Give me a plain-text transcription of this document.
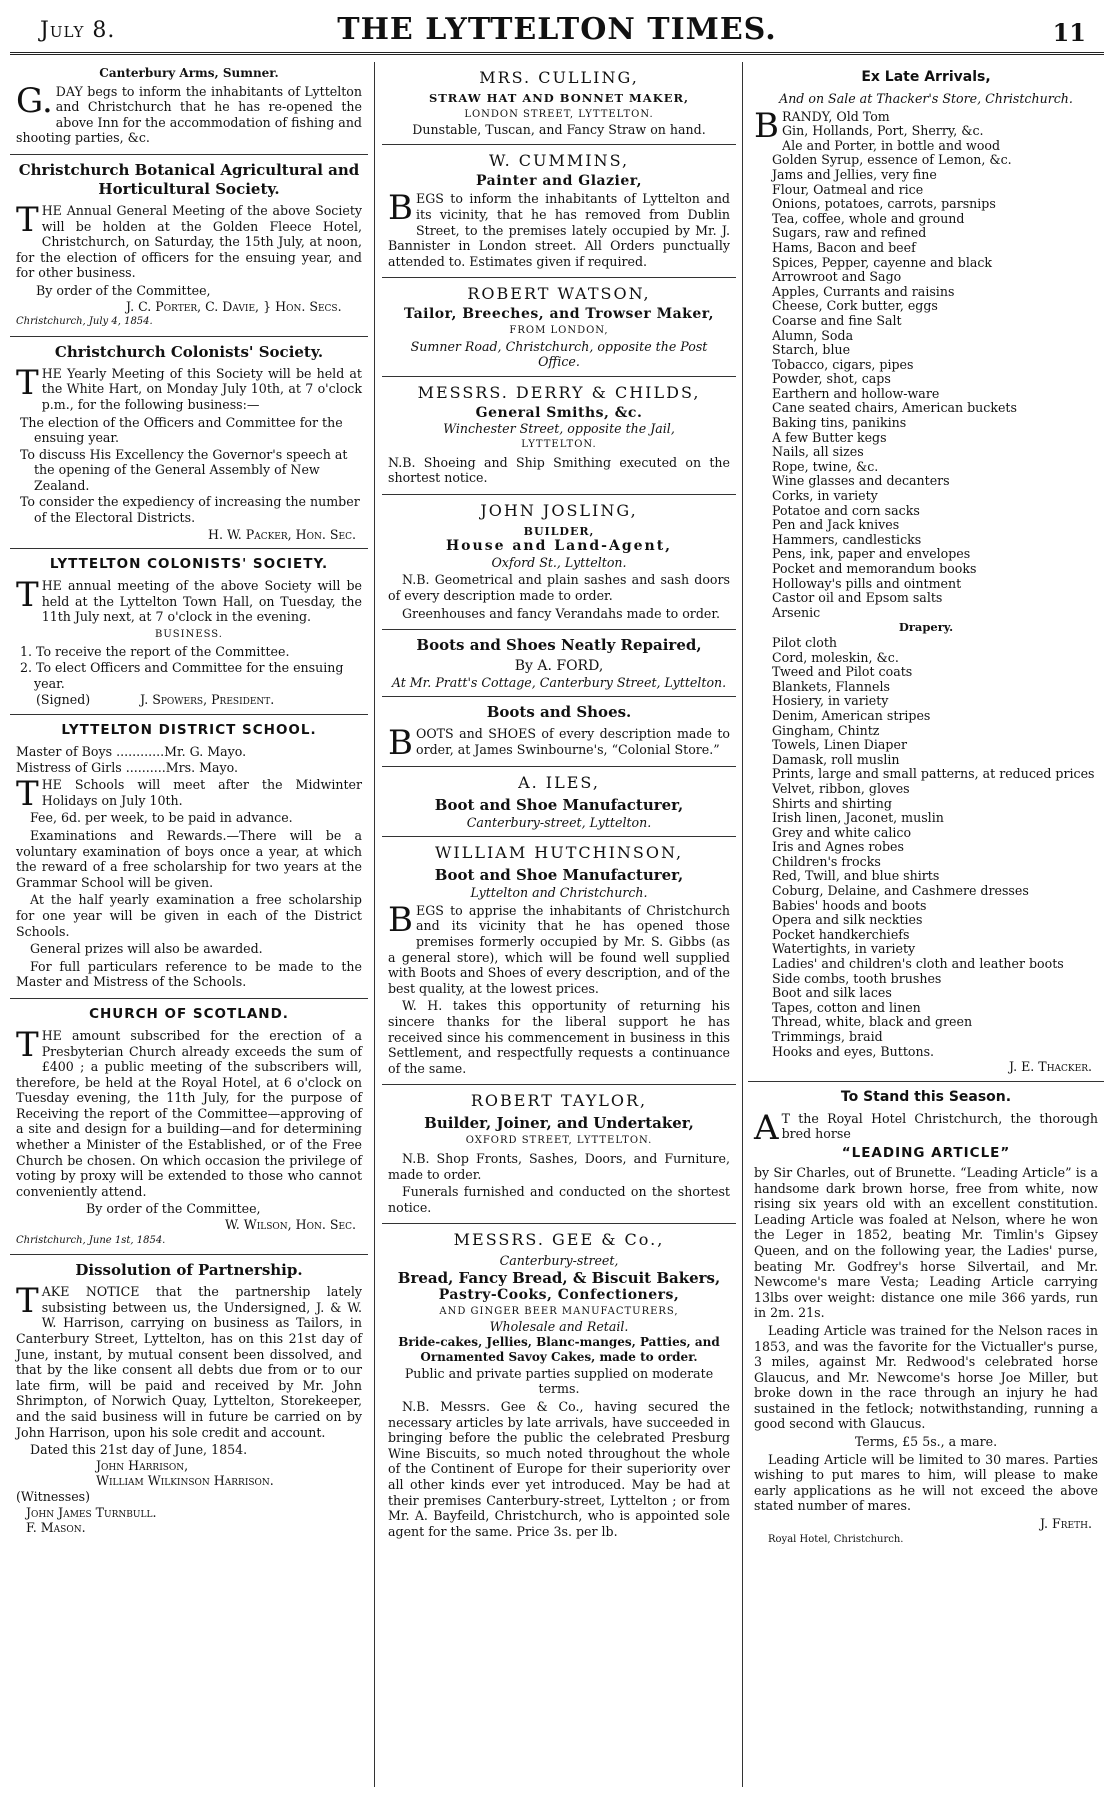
July 8.	THE LYTTELTON TIMES.	11
Canterbury Arms, Sumner.
G. DAY begs to inform the inhabitants of Lyttelton and Christchurch that he has re-opened the above Inn for the accommodation of fishing and shooting parties, &c.
Christchurch Botanical Agricultural and Horticultural Society.
THE Annual General Meeting of the above Society will be holden at the Golden Fleece Hotel, Christchurch, on Saturday, the 15th July, at noon, for the election of officers for the ensuing year, and for other business.
By order of the Committee,
J. C. Porter, C. Davie, } Hon. Secs.
Christchurch, July 4, 1854.
Christchurch Colonists' Society.
THE Yearly Meeting of this Society will be held at the White Hart, on Monday July 10th, at 7 o'clock p.m., for the following business:—
The election of the Officers and Committee for the ensuing year.
To discuss His Excellency the Governor's speech at the opening of the General Assembly of New Zealand.
To consider the expediency of increasing the number of the Electoral Districts.
H. W. Packer, Hon. Sec.
LYTTELTON COLONISTS' SOCIETY.
THE annual meeting of the above Society will be held at the Lyttelton Town Hall, on Tuesday, the 11th July next, at 7 o'clock in the evening.
BUSINESS.
1. To receive the report of the Committee.
2. To elect Officers and Committee for the ensuing year.
(Signed)	J. Spowers, President.
LYTTELTON DISTRICT SCHOOL.
Master of Boys ............Mr. G. Mayo.
Mistress of Girls ..........Mrs. Mayo.
THE Schools will meet after the Midwinter Holidays on July 10th.
Fee, 6d. per week, to be paid in advance.
Examinations and Rewards.—There will be a voluntary examination of boys once a year, at which the reward of a free scholarship for two years at the Grammar School will be given.
At the half yearly examination a free scholarship for one year will be given in each of the District Schools.
General prizes will also be awarded.
For full particulars reference to be made to the Master and Mistress of the Schools.
CHURCH OF SCOTLAND.
THE amount subscribed for the erection of a Presbyterian Church already exceeds the sum of £400 ; a public meeting of the subscribers will, therefore, be held at the Royal Hotel, at 6 o'clock on Tuesday evening, the 11th July, for the purpose of Receiving the report of the Committee—approving of a site and design for a building—and for determining whether a Minister of the Established, or of the Free Church be chosen. On which occasion the privilege of voting by proxy will be extended to those who cannot conveniently attend.
By order of the Committee,
W. Wilson, Hon. Sec.
Christchurch, June 1st, 1854.
Dissolution of Partnership.
TAKE NOTICE that the partnership lately subsisting between us, the Undersigned, J. & W. W. Harrison, carrying on business as Tailors, in Canterbury Street, Lyttelton, has on this 21st day of June, instant, by mutual consent been dissolved, and that by the like consent all debts due from or to our late firm, will be paid and received by Mr. John Shrimpton, of Norwich Quay, Lyttelton, Storekeeper, and the said business will in future be carried on by John Harrison, upon his sole credit and account.
Dated this 21st day of June, 1854.
John Harrison,
William Wilkinson Harrison.
(Witnesses)
John James Turnbull.
F. Mason.
MRS. CULLING,
STRAW HAT AND BONNET MAKER,
LONDON STREET, LYTTELTON.
Dunstable, Tuscan, and Fancy Straw on hand.
W. CUMMINS,
Painter and Glazier,
BEGS to inform the inhabitants of Lyttelton and its vicinity, that he has removed from Dublin Street, to the premises lately occupied by Mr. J. Bannister in London street. All Orders punctually attended to. Estimates given if required.
ROBERT WATSON,
Tailor, Breeches, and Trowser Maker,
FROM LONDON,
Sumner Road, Christchurch, opposite the Post Office.
MESSRS. DERRY & CHILDS,
General Smiths, &c.
Winchester Street, opposite the Jail,
LYTTELTON.
N.B. Shoeing and Ship Smithing executed on the shortest notice.
JOHN JOSLING,
BUILDER,
House and Land-Agent,
Oxford St., Lyttelton.
N.B. Geometrical and plain sashes and sash doors of every description made to order.
Greenhouses and fancy Verandahs made to order.
Boots and Shoes Neatly Repaired,
By A. FORD,
At Mr. Pratt's Cottage, Canterbury Street, Lyttelton.
Boots and Shoes.
BOOTS and SHOES of every description made to order, at James Swinbourne's, “Colonial Store.”
A. ILES,
Boot and Shoe Manufacturer,
Canterbury-street, Lyttelton.
WILLIAM HUTCHINSON,
Boot and Shoe Manufacturer,
Lyttelton and Christchurch.
BEGS to apprise the inhabitants of Christchurch and its vicinity that he has opened those premises formerly occupied by Mr. S. Gibbs (as a general store), which will be found well supplied with Boots and Shoes of every description, and of the best quality, at the lowest prices.
W. H. takes this opportunity of returning his sincere thanks for the liberal support he has received since his commencement in business in this Settlement, and respectfully requests a continuance of the same.
ROBERT TAYLOR,
Builder, Joiner, and Undertaker,
OXFORD STREET, LYTTELTON.
N.B. Shop Fronts, Sashes, Doors, and Furniture, made to order.
Funerals furnished and conducted on the shortest notice.
MESSRS. GEE & Co.,
Canterbury-street,
Bread, Fancy Bread, & Biscuit Bakers,
Pastry-Cooks, Confectioners,
AND GINGER BEER MANUFACTURERS,
Wholesale and Retail.
Bride-cakes, Jellies, Blanc-manges, Patties, and Ornamented Savoy Cakes, made to order.
Public and private parties supplied on moderate terms.
N.B. Messrs. Gee & Co., having secured the necessary articles by late arrivals, have succeeded in bringing before the public the celebrated Presburg Wine Biscuits, so much noted throughout the whole of the Continent of Europe for their superiority over all other kinds ever yet introduced. May be had at their premises Canterbury-street, Lyttelton ; or from Mr. A. Bayfeild, Christchurch, who is appointed sole agent for the same. Price 3s. per lb.
Ex Late Arrivals,
And on Sale at Thacker's Store, Christchurch.
BRANDY, Old Tom
Gin, Hollands, Port, Sherry, &c.
Ale and Porter, in bottle and wood
Golden Syrup, essence of Lemon, &c.
Jams and Jellies, very fine
Flour, Oatmeal and rice
Onions, potatoes, carrots, parsnips
Tea, coffee, whole and ground
Sugars, raw and refined
Hams, Bacon and beef
Spices, Pepper, cayenne and black
Arrowroot and Sago
Apples, Currants and raisins
Cheese, Cork butter, eggs
Coarse and fine Salt
Alumn, Soda
Starch, blue
Tobacco, cigars, pipes
Powder, shot, caps
Earthern and hollow-ware
Cane seated chairs, American buckets
Baking tins, panikins
A few Butter kegs
Nails, all sizes
Rope, twine, &c.
Wine glasses and decanters
Corks, in variety
Potatoe and corn sacks
Pen and Jack knives
Hammers, candlesticks
Pens, ink, paper and envelopes
Pocket and memorandum books
Holloway's pills and ointment
Castor oil and Epsom salts
Arsenic
Drapery.
Pilot cloth
Cord, moleskin, &c.
Tweed and Pilot coats
Blankets, Flannels
Hosiery, in variety
Denim, American stripes
Gingham, Chintz
Towels, Linen Diaper
Damask, roll muslin
Prints, large and small patterns, at reduced prices
Velvet, ribbon, gloves
Shirts and shirting
Irish linen, Jaconet, muslin
Grey and white calico
Iris and Agnes robes
Children's frocks
Red, Twill, and blue shirts
Coburg, Delaine, and Cashmere dresses
Babies' hoods and boots
Opera and silk neckties
Pocket handkerchiefs
Watertights, in variety
Ladies' and children's cloth and leather boots
Side combs, tooth brushes
Boot and silk laces
Tapes, cotton and linen
Thread, white, black and green
Trimmings, braid
Hooks and eyes, Buttons.
J. E. Thacker.
To Stand this Season.
A T the Royal Hotel Christchurch, the thorough bred horse
“LEADING ARTICLE”
by Sir Charles, out of Brunette. “Leading Article” is a handsome dark brown horse, free from white, now rising six years old with an excellent constitution. Leading Article was foaled at Nelson, where he won the Leger in 1852, beating Mr. Timlin's Gipsey Queen, and on the following year, the Ladies' purse, beating Mr. Godfrey's horse Silvertail, and Mr. Newcome's mare Vesta; Leading Article carrying 13lbs over weight: distance one mile 366 yards, run in 2m. 21s.
Leading Article was trained for the Nelson races in 1853, and was the favorite for the Victualler's purse, 3 miles, against Mr. Redwood's celebrated horse Glaucus, and Mr. Newcome's horse Joe Miller, but broke down in the race through an injury he had sustained in the fetlock; notwithstanding, running a good second with Glaucus.
Terms, £5 5s., a mare.
Leading Article will be limited to 30 mares. Parties wishing to put mares to him, will please to make early applications as he will not exceed the above stated number of mares.
J. Freth.
Royal Hotel, Christchurch.
